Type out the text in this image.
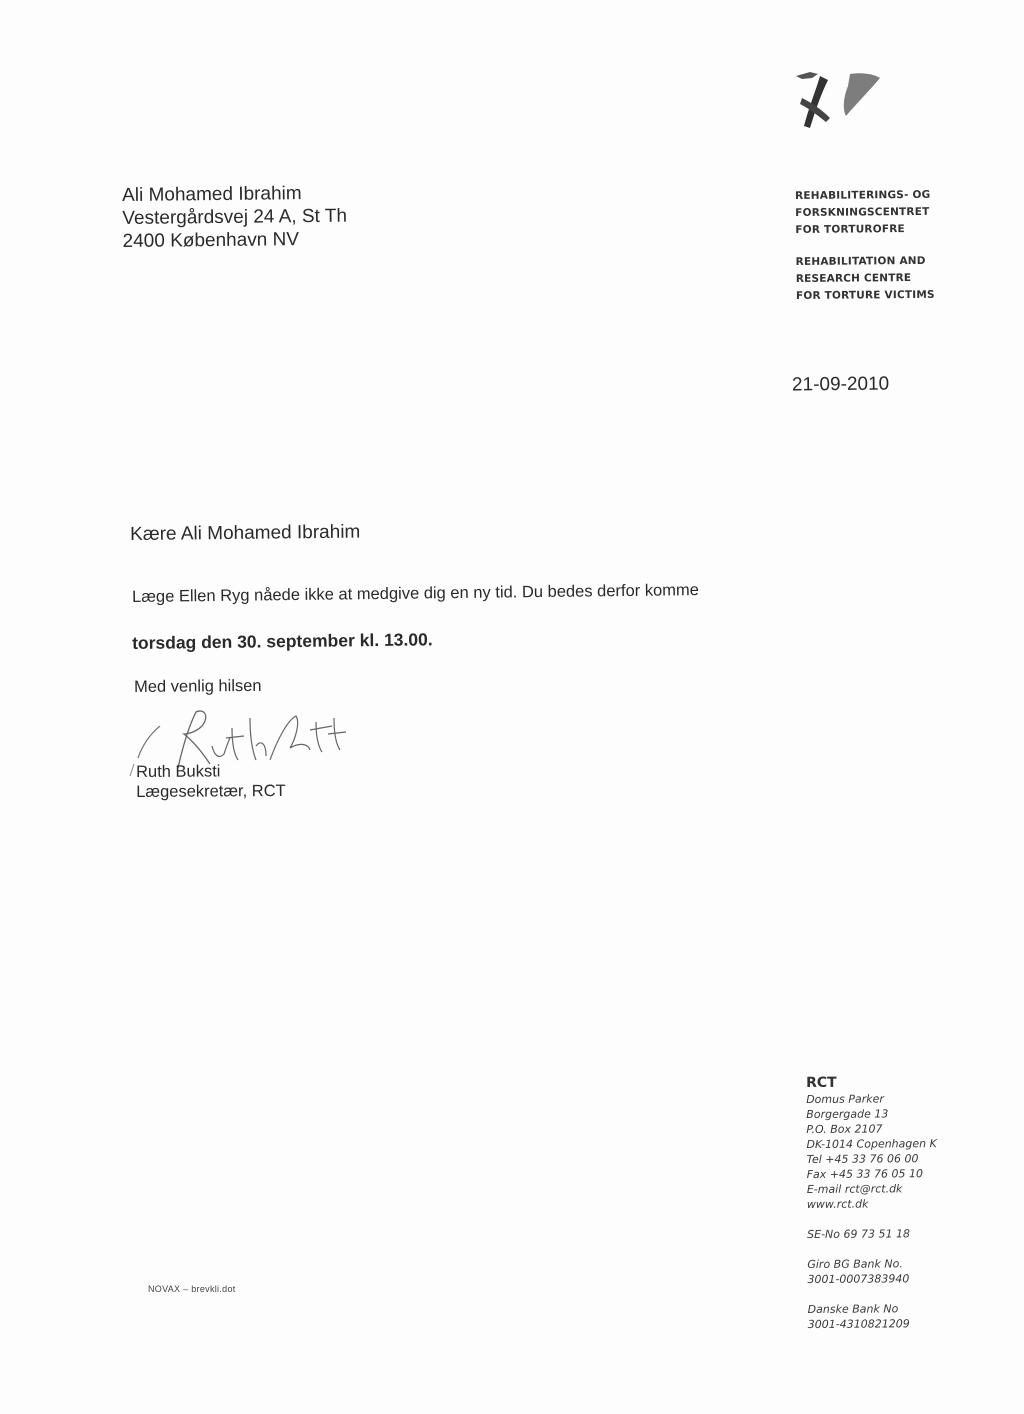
Ali Mohamed Ibrahim
Vestergårdsvej 24 A, St Th
2400 København NV
REHABILITERINGS- OG
FORSKNINGSCENTRET
FOR TORTUROFRE
REHABILITATION AND
RESEARCH CENTRE
FOR TORTURE VICTIMS
21-09-2010
Kære Ali Mohamed Ibrahim
Læge Ellen Ryg nåede ikke at medgive dig en ny tid. Du bedes derfor komme
torsdag den 30. september kl. 13.00.
Med venlig hilsen
Ruth Buksti
Lægesekretær, RCT
NOVAX – brevkli.dot
RCT
Domus Parker
Borgergade 13
P.O. Box 2107
DK-1014 Copenhagen K
Tel +45 33 76 06 00
Fax +45 33 76 05 10
E-mail rct@rct.dk
www.rct.dk
SE-No 69 73 51 18
Giro BG Bank No.
3001-0007383940
Danske Bank No
3001-4310821209
